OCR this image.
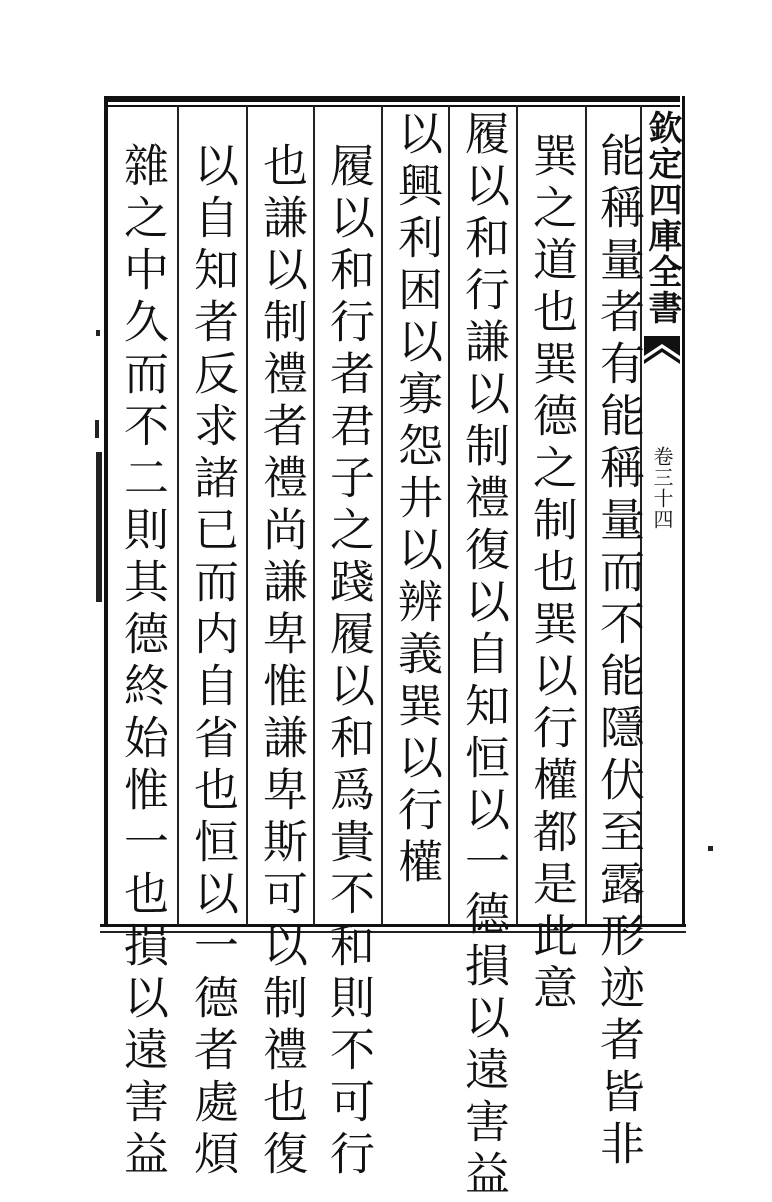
欽定四庫全書
卷三十四
能稱量者有能稱量而不能隱伏至露形迹者皆非
巽之道也巽德之制也巽以行權都是此意
履以和行謙以制禮復以自知恒以一德損以遠害益
以興利困以寡怨井以辨義巽以行權
履以和行者君子之踐履以和爲貴不和則不可行
也謙以制禮者禮尚謙卑惟謙卑斯可以制禮也復
以自知者反求諸已而内自省也恒以一德者處煩
雜之中久而不二則其德終始惟一也損以遠害益
